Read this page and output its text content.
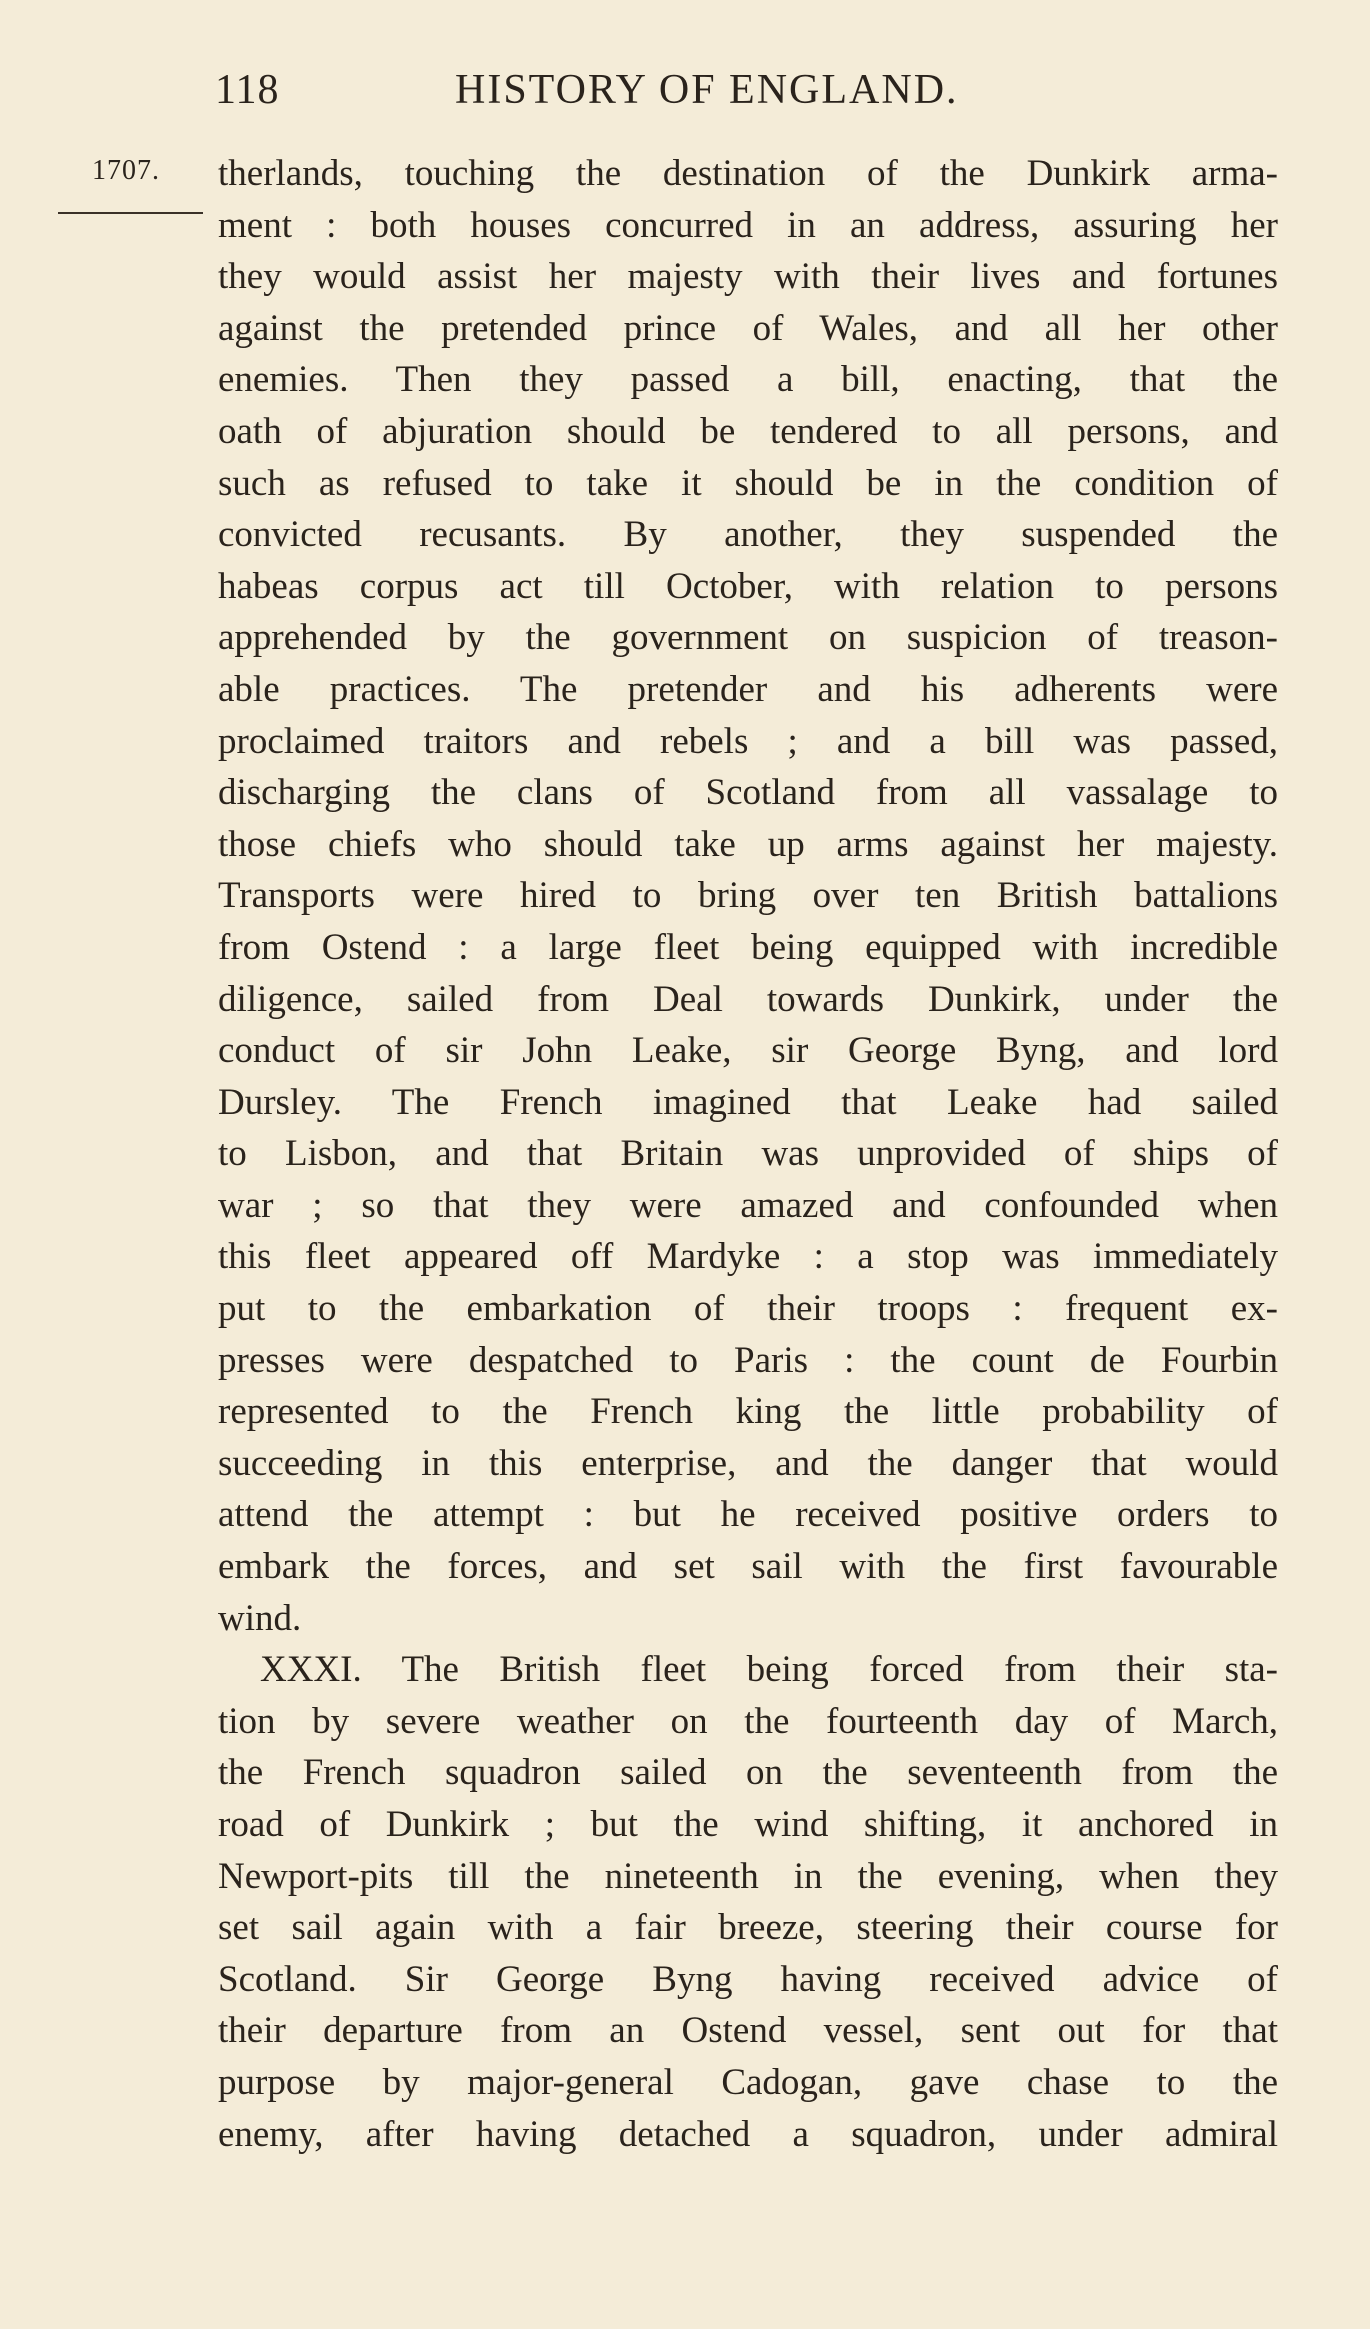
118	HISTORY OF ENGLAND.
1707. therlands, touching the destination of the Dunkirk arma-
ment : both houses concurred in an address, assuring her
they would assist her majesty with their lives and fortunes
against the pretended prince of Wales, and all her other
enemies. Then they passed a bill, enacting, that the
oath of abjuration should be tendered to all persons, and
such as refused to take it should be in the condition of
convicted recusants. By another, they suspended the
habeas corpus act till October, with relation to persons
apprehended by the government on suspicion of treason-
able practices. The pretender and his adherents were
proclaimed traitors and rebels ; and a bill was passed,
discharging the clans of Scotland from all vassalage to
those chiefs who should take up arms against her majesty.
Transports were hired to bring over ten British battalions
from Ostend : a large fleet being equipped with incredible
diligence, sailed from Deal towards Dunkirk, under the
conduct of sir John Leake, sir George Byng, and lord
Dursley. The French imagined that Leake had sailed
to Lisbon, and that Britain was unprovided of ships of
war ; so that they were amazed and confounded when
this fleet appeared off Mardyke : a stop was immediately
put to the embarkation of their troops : frequent ex-
presses were despatched to Paris : the count de Fourbin
represented to the French king the little probability of
succeeding in this enterprise, and the danger that would
attend the attempt : but he received positive orders to
embark the forces, and set sail with the first favourable
wind.
XXXI. The British fleet being forced from their sta-
tion by severe weather on the fourteenth day of March,
the French squadron sailed on the seventeenth from the
road of Dunkirk ; but the wind shifting, it anchored in
Newport-pits till the nineteenth in the evening, when they
set sail again with a fair breeze, steering their course for
Scotland. Sir George Byng having received advice of
their departure from an Ostend vessel, sent out for that
purpose by major-general Cadogan, gave chase to the
enemy, after having detached a squadron, under admiral
